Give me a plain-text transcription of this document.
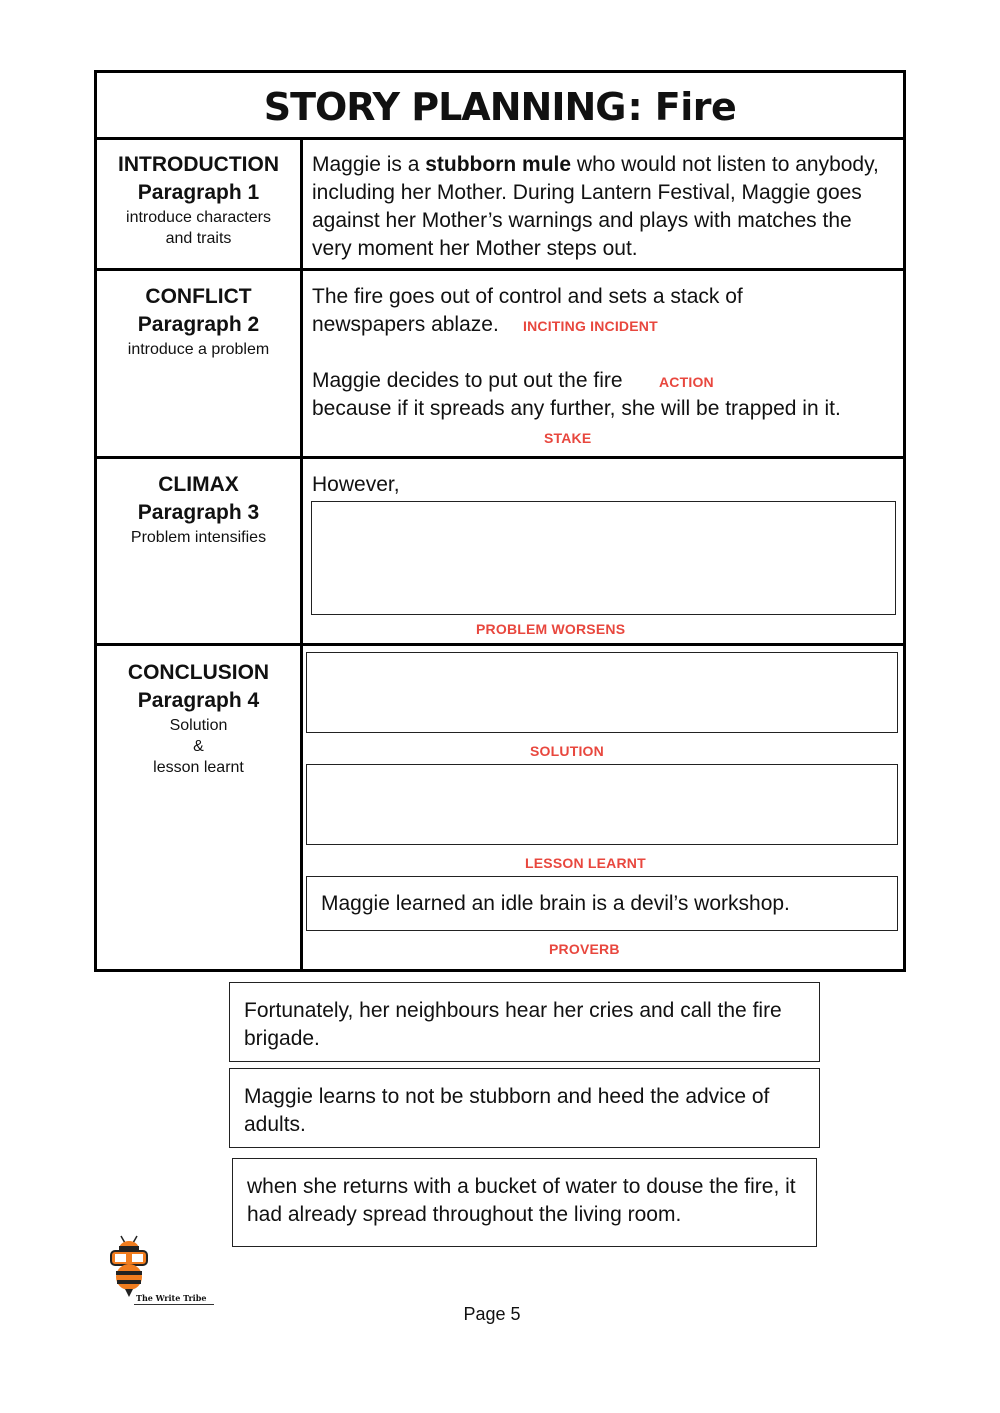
STORY PLANNING :
Fire
INTRODUCTION
Paragraph 1
introduce characters
and traits
Maggie is a stubborn mule who would not listen to anybody, including her Mother. During Lantern Festival, Maggie goes against her Mother’s warnings and plays with matches the very moment her Mother steps out.
CONFLICT
Paragraph 2
introduce a problem
The fire goes out of control and sets a stack of
newspapers ablaze. INCITING INCIDENT
Maggie decides to put out the fire	ACTION
because if it spreads any further, she will be trapped in it.
STAKE
CLIMAX
Paragraph 3
Problem intensifies
However,
PROBLEM WORSENS
CONCLUSION
Paragraph 4
Solution
&
lesson learnt
SOLUTION
LESSON LEARNT
Maggie learned an idle brain is a devil’s workshop.
PROVERB
Fortunately, her neighbours hear her cries and call the fire brigade.
Maggie learns to not be stubborn and heed the advice of adults.
when she returns with a bucket of water to douse the fire, it had already spread throughout the living room.
The Write Tribe
Page 5
